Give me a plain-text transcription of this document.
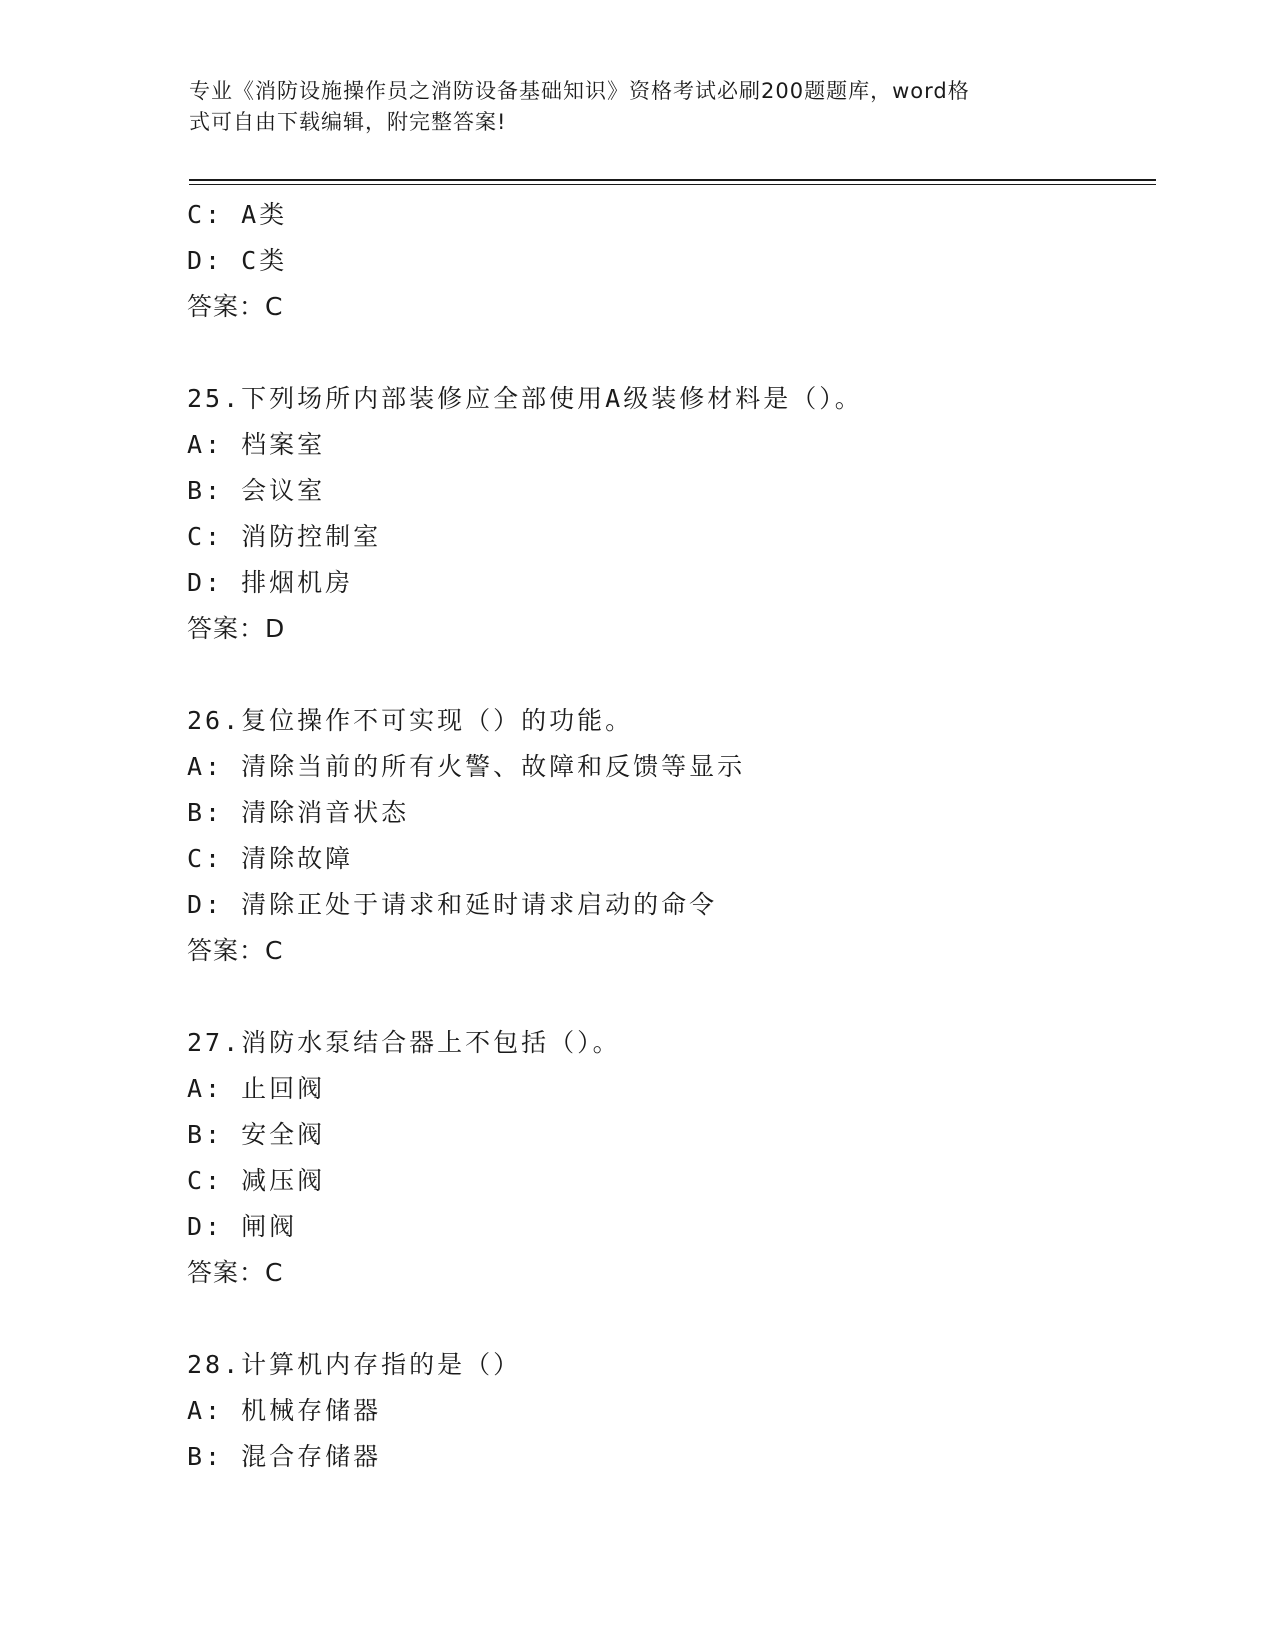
专业《消防设施操作员之消防设备基础知识》资格考试必刷200题题库，word格
式可自由下载编辑，附完整答案!
C: A类
D: C类
答案：C
25.下列场所内部装修应全部使用A级装修材料是（）。
A: 档案室
B: 会议室
C: 消防控制室
D: 排烟机房
答案：D
26.复位操作不可实现（）的功能。
A: 清除当前的所有火警、故障和反馈等显示
B: 清除消音状态
C: 清除故障
D: 清除正处于请求和延时请求启动的命令
答案：C
27.消防水泵结合器上不包括（）。
A: 止回阀
B: 安全阀
C: 减压阀
D: 闸阀
答案：C
28.计算机内存指的是（）
A: 机械存储器
B: 混合存储器
